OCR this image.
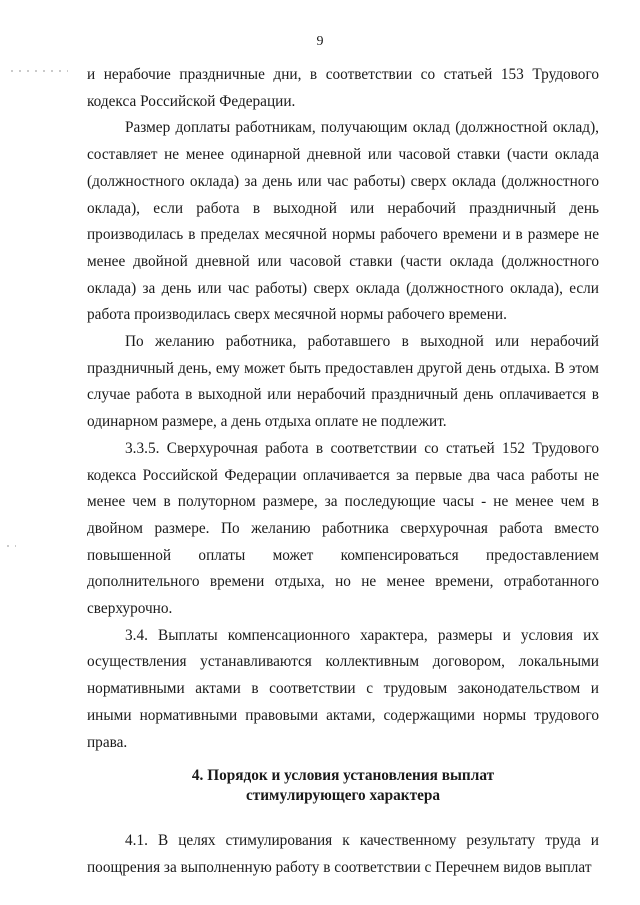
9

и нерабочие праздничные дни, в соответствии со статьей 153 Трудового кодекса Российской Федерации.

Размер доплаты работникам, получающим оклад (должностной оклад), составляет не менее одинарной дневной или часовой ставки (части оклада (должностного оклада) за день или час работы) сверх оклада (должностного оклада), если работа в выходной или нерабочий праздничный день производилась в пределах месячной нормы рабочего времени и в размере не менее двойной дневной или часовой ставки (части оклада (должностного оклада) за день или час работы) сверх оклада (должностного оклада), если работа производилась сверх месячной нормы рабочего времени.

По желанию работника, работавшего в выходной или нерабочий праздничный день, ему может быть предоставлен другой день отдыха. В этом случае работа в выходной или нерабочий праздничный день оплачивается в одинарном размере, а день отдыха оплате не подлежит.

3.3.5. Сверхурочная работа в соответствии со статьей 152 Трудового кодекса Российской Федерации оплачивается за первые два часа работы не менее чем в полуторном размере, за последующие часы - не менее чем в двойном размере. По желанию работника сверхурочная работа вместо повышенной оплаты может компенсироваться предоставлением дополнительного времени отдыха, но не менее времени, отработанного сверхурочно.

3.4. Выплаты компенсационного характера, размеры и условия их осуществления устанавливаются коллективным договором, локальными нормативными актами в соответствии с трудовым законодательством и иными нормативными правовыми актами, содержащими нормы трудового права.

4. Порядок и условия установления выплат
стимулирующего характера

4.1. В целях стимулирования к качественному результату труда и поощрения за выполненную работу в соответствии с Перечнем видов выплат
